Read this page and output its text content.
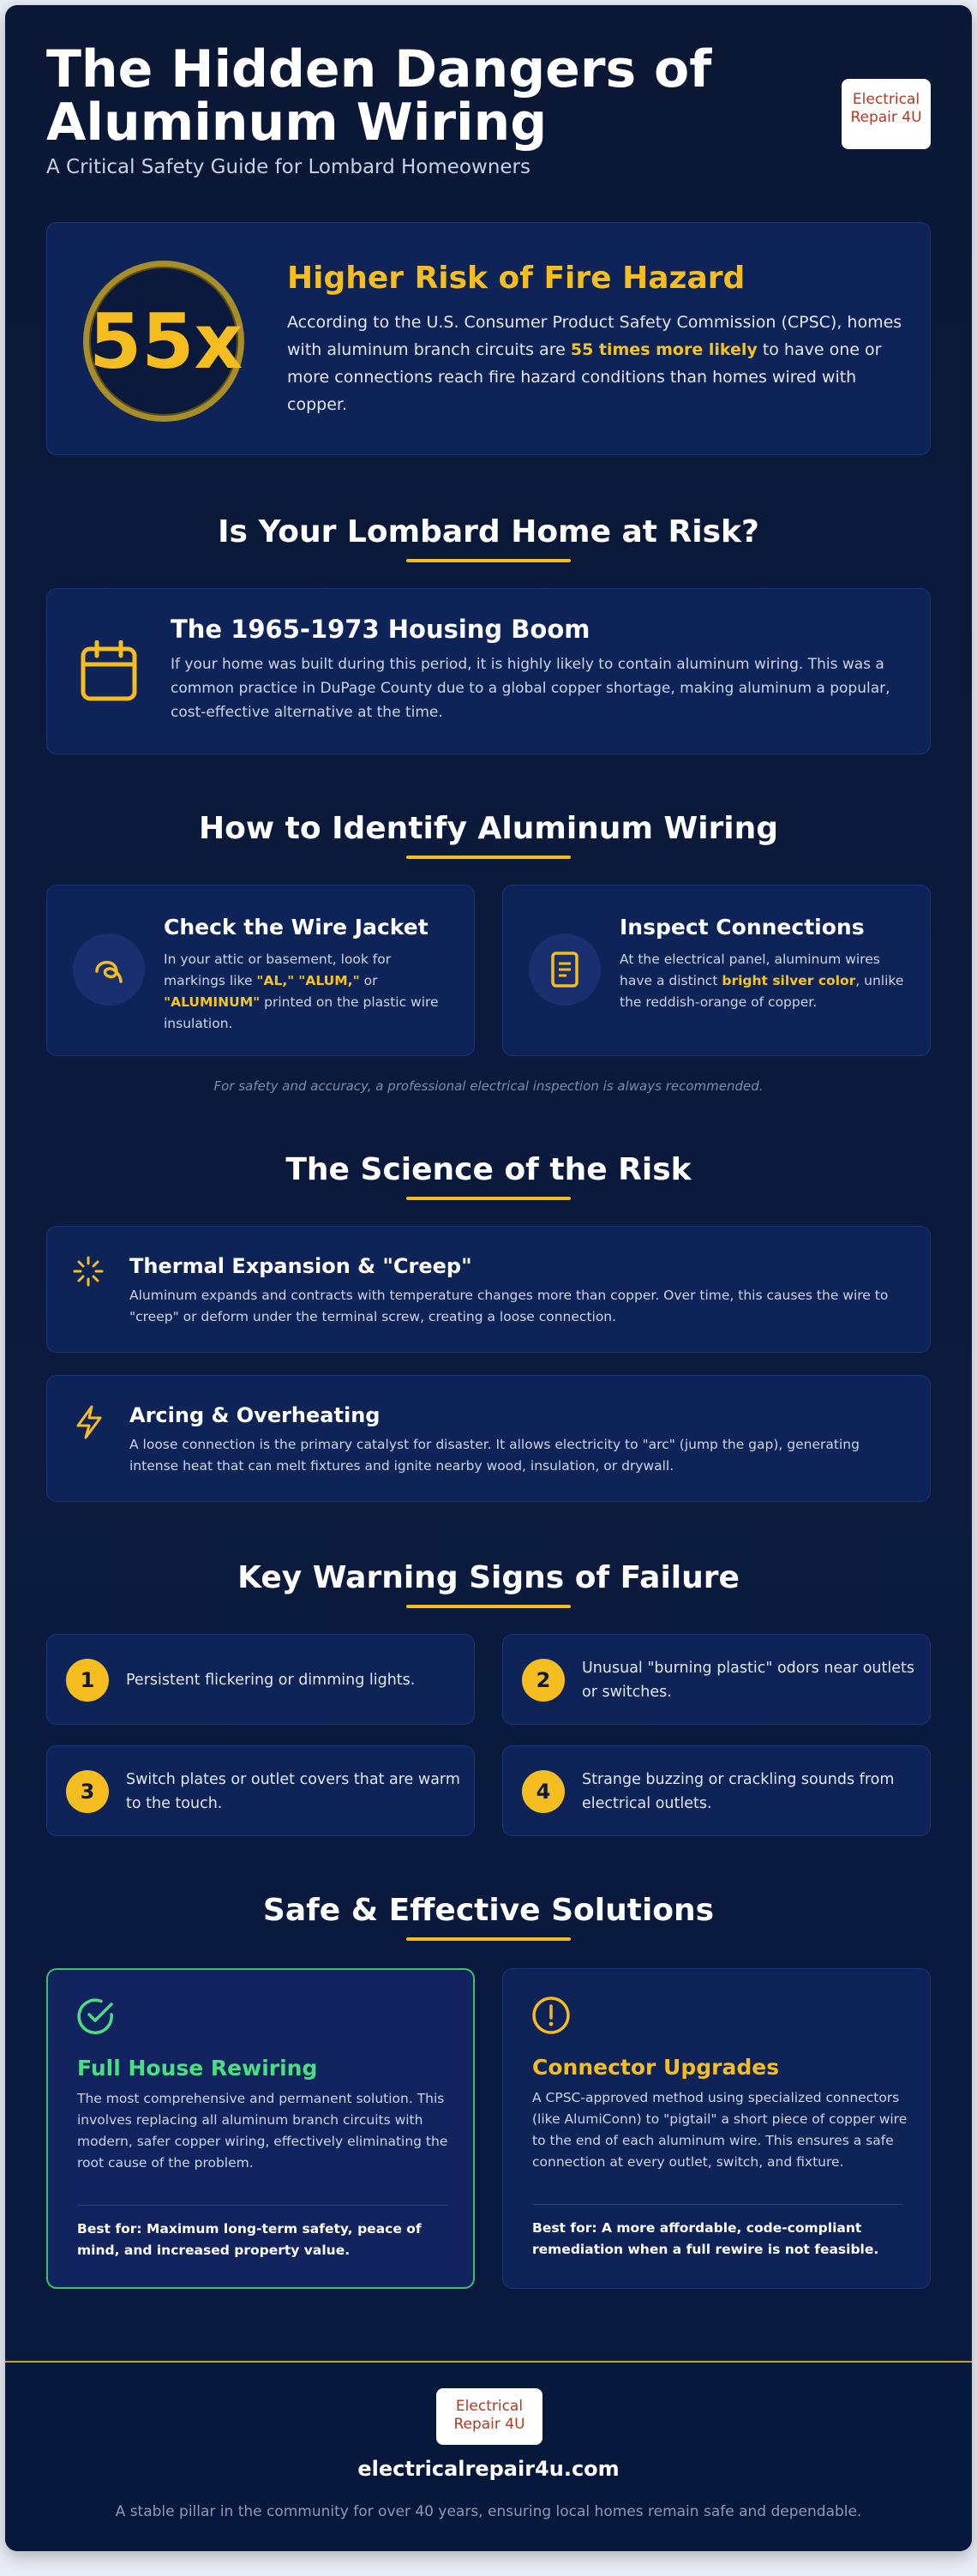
The Hidden Dangers of Aluminum Wiring
A Critical Safety Guide for Lombard Homeowners
Electrical
Repair 4U
55x
Higher Risk of Fire Hazard
According to the U.S. Consumer Product Safety Commission (CPSC), homes with aluminum branch circuits are 55 times more likely to have one or more connections reach fire hazard conditions than homes wired with copper.
Is Your Lombard Home at Risk?
The 1965-1973 Housing Boom
If your home was built during this period, it is highly likely to contain aluminum wiring. This was a common practice in DuPage County due to a global copper shortage, making aluminum a popular, cost-effective alternative at the time.
How to Identify Aluminum Wiring
Check the Wire Jacket
In your attic or basement, look for markings like "AL," "ALUM," or "ALUMINUM" printed on the plastic wire insulation.
Inspect Connections
At the electrical panel, aluminum wires have a distinct bright silver color, unlike the reddish-orange of copper.
For safety and accuracy, a professional electrical inspection is always recommended.
The Science of the Risk
Thermal Expansion & "Creep"
Aluminum expands and contracts with temperature changes more than copper. Over time, this causes the wire to "creep" or deform under the terminal screw, creating a loose connection.
Arcing & Overheating
A loose connection is the primary catalyst for disaster. It allows electricity to "arc" (jump the gap), generating intense heat that can melt fixtures and ignite nearby wood, insulation, or drywall.
Key Warning Signs of Failure
1	Persistent flickering or dimming lights.	2	Unusual "burning plastic" odors near outlets or switches.
3	Switch plates or outlet covers that are warm to the touch.	4	Strange buzzing or crackling sounds from electrical outlets.
Safe & Effective Solutions
Full House Rewiring
The most comprehensive and permanent solution. This involves replacing all aluminum branch circuits with modern, safer copper wiring, effectively eliminating the root cause of the problem.
Best for: Maximum long-term safety, peace of mind, and increased property value.
Connector Upgrades
A CPSC-approved method using specialized connectors (like AlumiConn) to "pigtail" a short piece of copper wire to the end of each aluminum wire. This ensures a safe connection at every outlet, switch, and fixture.
Best for: A more affordable, code-compliant remediation when a full rewire is not feasible.
Electrical
Repair 4U
electricalrepair4u.com
A stable pillar in the community for over 40 years, ensuring local homes remain safe and dependable.
